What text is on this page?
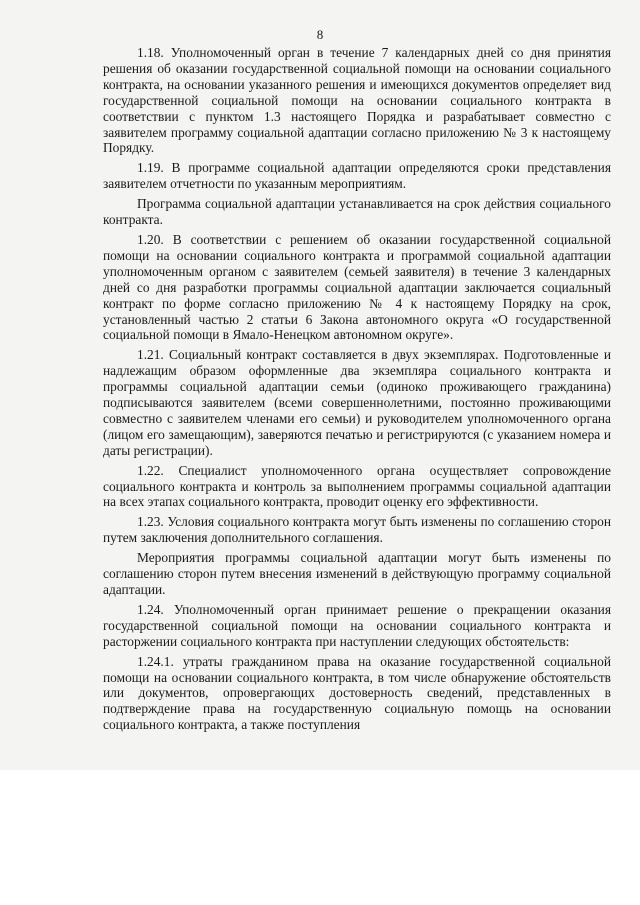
8

1.18. Уполномоченный орган в течение 7 календарных дней со дня принятия решения об оказании государственной социальной помощи на основании социального контракта, на основании указанного решения и имеющихся документов определяет вид государственной социальной помощи на основании социального контракта в соответствии с пунктом 1.3 настоящего Порядка и разрабатывает совместно с заявителем программу социальной адаптации согласно приложению № 3 к настоящему Порядку.

1.19. В программе социальной адаптации определяются сроки представления заявителем отчетности по указанным мероприятиям.

Программа социальной адаптации устанавливается на срок действия социального контракта.

1.20. В соответствии с решением об оказании государственной социальной помощи на основании социального контракта и программой социальной адаптации уполномоченным органом с заявителем (семьей заявителя) в течение 3 календарных дней со дня разработки программы социальной адаптации заключается социальный контракт по форме согласно приложению № 4 к настоящему Порядку на срок, установленный частью 2 статьи 6 Закона автономного округа «О государственной социальной помощи в Ямало-Ненецком автономном округе».

1.21. Социальный контракт составляется в двух экземплярах. Подготовленные и надлежащим образом оформленные два экземпляра социального контракта и программы социальной адаптации семьи (одиноко проживающего гражданина) подписываются заявителем (всеми совершеннолетними, постоянно проживающими совместно с заявителем членами его семьи) и руководителем уполномоченного органа (лицом его замещающим), заверяются печатью и регистрируются (с указанием номера и даты регистрации).

1.22. Специалист уполномоченного органа осуществляет сопровождение социального контракта и контроль за выполнением программы социальной адаптации на всех этапах социального контракта, проводит оценку его эффективности.

1.23. Условия социального контракта могут быть изменены по соглашению сторон путем заключения дополнительного соглашения.

Мероприятия программы социальной адаптации могут быть изменены по соглашению сторон путем внесения изменений в действующую программу социальной адаптации.

1.24. Уполномоченный орган принимает решение о прекращении оказания государственной социальной помощи на основании социального контракта и расторжении социального контракта при наступлении следующих обстоятельств:

1.24.1. утраты гражданином права на оказание государственной социальной помощи на основании социального контракта, в том числе обнаружение обстоятельств или документов, опровергающих достоверность сведений, представленных в подтверждение права на государственную социальную помощь на основании социального контракта, а также поступления
